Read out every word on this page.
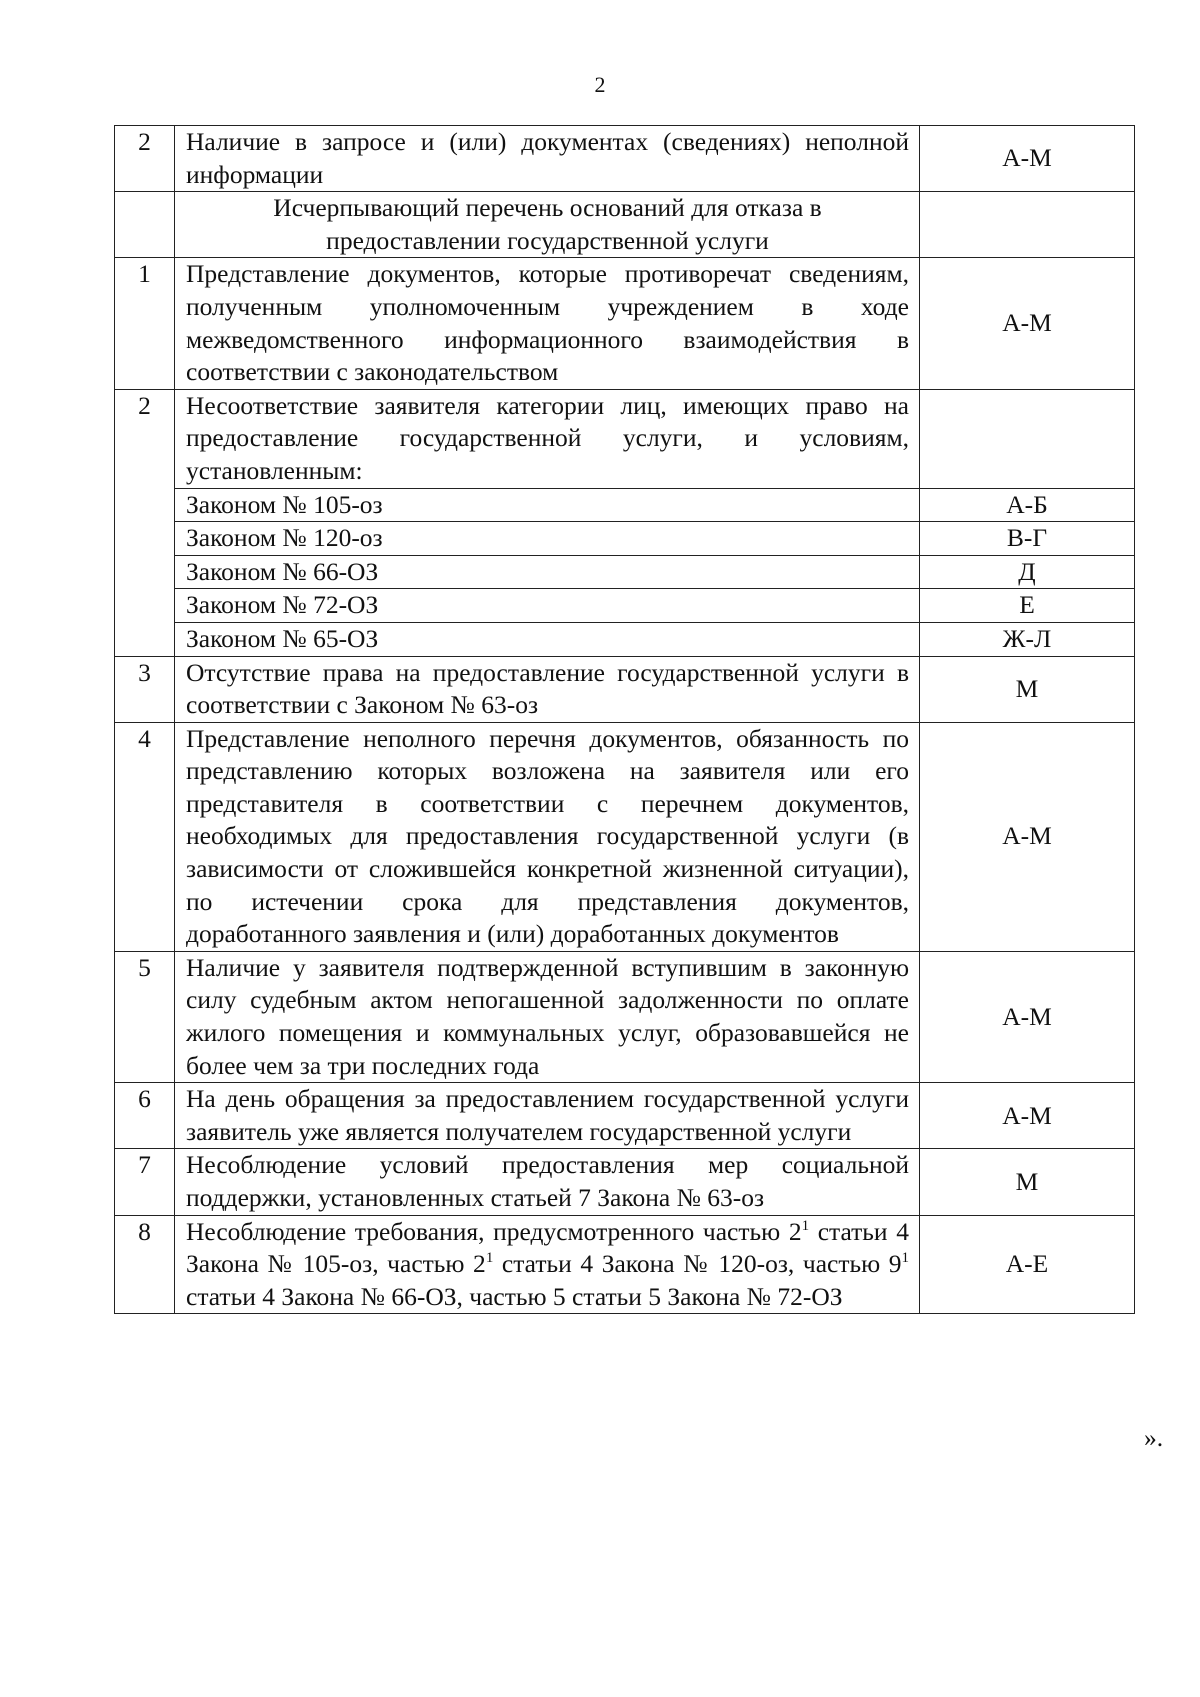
2
2	Наличие в запросе и (или) документах (сведениях) неполной информации	А-М
	Исчерпывающий перечень оснований для отказа в предоставлении государственной услуги	
1	Представление документов, которые противоречат сведениям, полученным уполномоченным учреждением в ходе межведомственного информационного взаимодействия в соответствии с законодательством	А-М
2	Несоответствие заявителя категории лиц, имеющих право на предоставление государственной услуги, и условиям, установленным:	
	Законом № 105-оз	А-Б
	Законом № 120-оз	В-Г
	Законом № 66-ОЗ	Д
	Законом № 72-ОЗ	Е
	Законом № 65-ОЗ	Ж-Л
3	Отсутствие права на предоставление государственной услуги в соответствии с Законом № 63-оз	М
4	Представление неполного перечня документов, обязанность по представлению которых возложена на заявителя или его представителя в соответствии с перечнем документов, необходимых для предоставления государственной услуги (в зависимости от сложившейся конкретной жизненной ситуации), по истечении срока для представления документов, доработанного заявления и (или) доработанных документов	А-М
5	Наличие у заявителя подтвержденной вступившим в законную силу судебным актом непогашенной задолженности по оплате жилого помещения и коммунальных услуг, образовавшейся не более чем за три последних года	А-М
6	На день обращения за предоставлением государственной услуги заявитель уже является получателем государственной услуги	А-М
7	Несоблюдение условий предоставления мер социальной поддержки, установленных статьей 7 Закона № 63-оз	М
8	Несоблюдение требования, предусмотренного частью $2^1$ статьи 4 Закона № 105-оз, частью $2^1$ статьи 4 Закона № 120-оз, частью $9^1$ статьи 4 Закона № 66-ОЗ, частью 5 статьи 5 Закона № 72-ОЗ	А-Е
».
